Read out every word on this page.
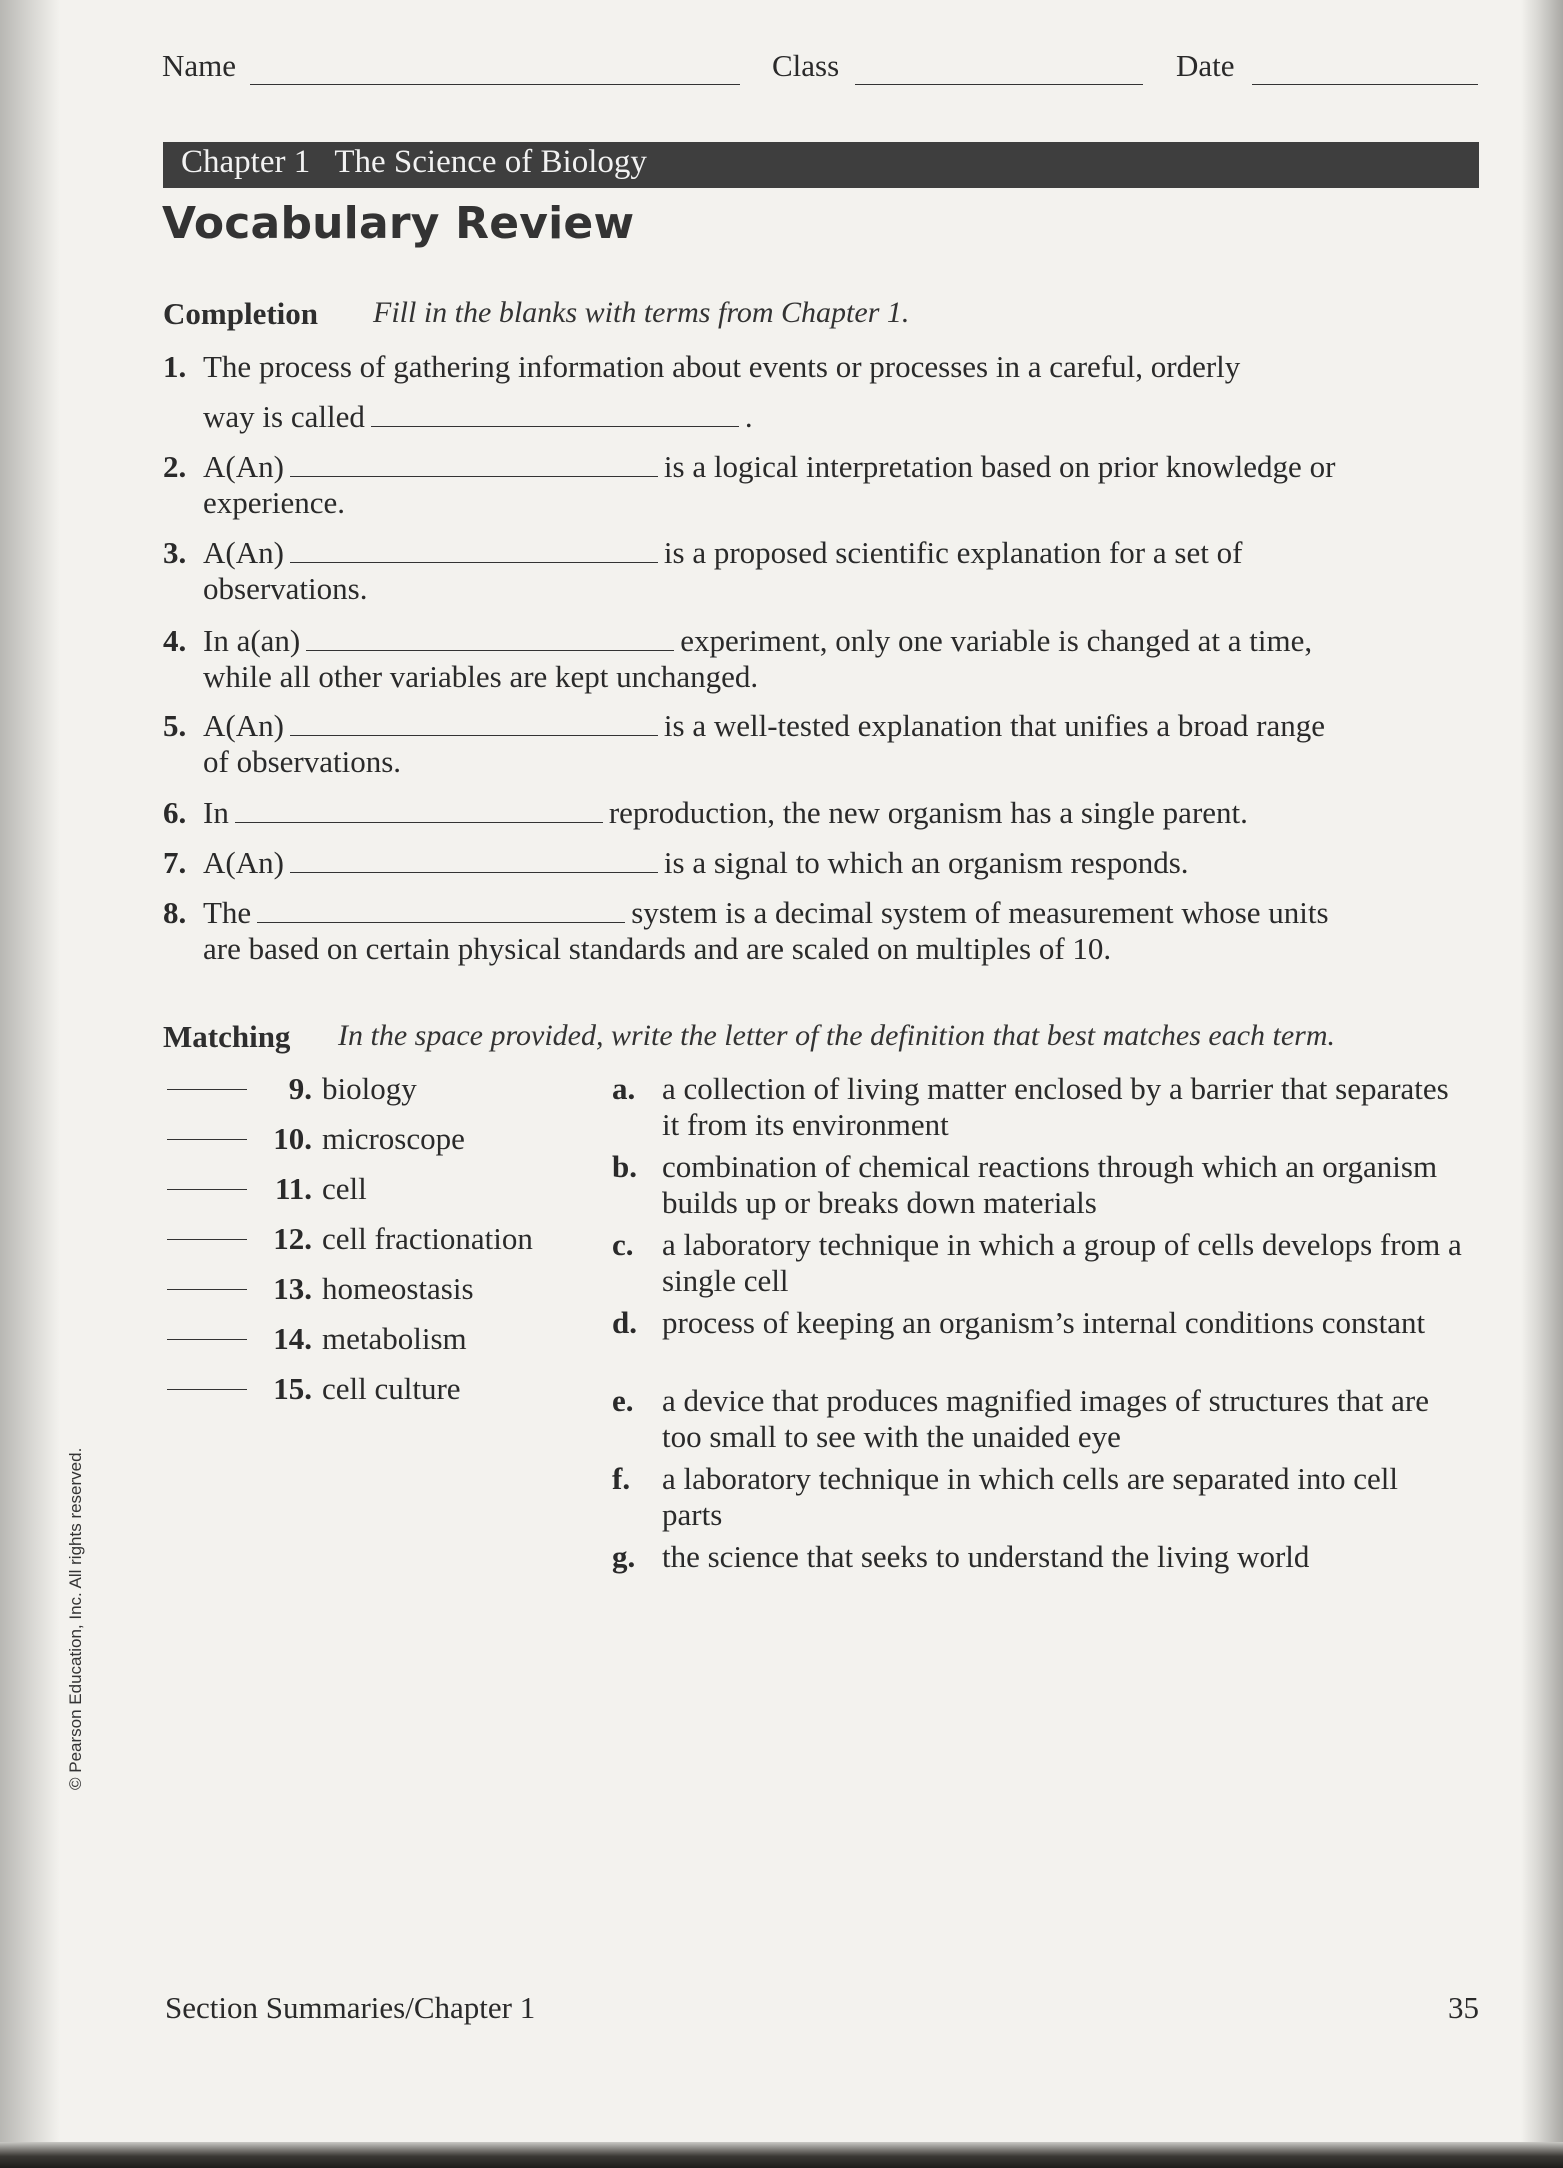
Name	Class	Date
Chapter 1   The Science of Biology
Vocabulary Review
Completion Fill in the blanks with terms from Chapter 1.
1. The process of gathering information about events or processes in a careful, orderly
way is called	.
2. A(An)	is a logical interpretation based on prior knowledge or
experience.
3. A(An)	is a proposed scientific explanation for a set of
observations.
4. In a(an)	experiment, only one variable is changed at a time,
while all other variables are kept unchanged.
5. A(An)	is a well-tested explanation that unifies a broad range
of observations.
6. In	reproduction, the new organism has a single parent.
7. A(An)	is a signal to which an organism responds.
8. The	system is a decimal system of measurement whose units
are based on certain physical standards and are scaled on multiples of 10.
Matching In the space provided, write the letter of the definition that best matches each term.
9. biology
10. microscope
11. cell
12. cell fractionation
13. homeostasis
14. metabolism
15. cell culture
a. a collection of living matter enclosed by a barrier that separates it from its environment
b. combination of chemical reactions through which an organism builds up or breaks down materials
c. a laboratory technique in which a group of cells develops from a single cell
d. process of keeping an organism’s internal conditions constant
e. a device that produces magnified images of structures that are too small to see with the unaided eye
f. a laboratory technique in which cells are separated into cell parts
g. the science that seeks to understand the living world
© Pearson Education, Inc. All rights reserved.
Section Summaries/Chapter 1	35
